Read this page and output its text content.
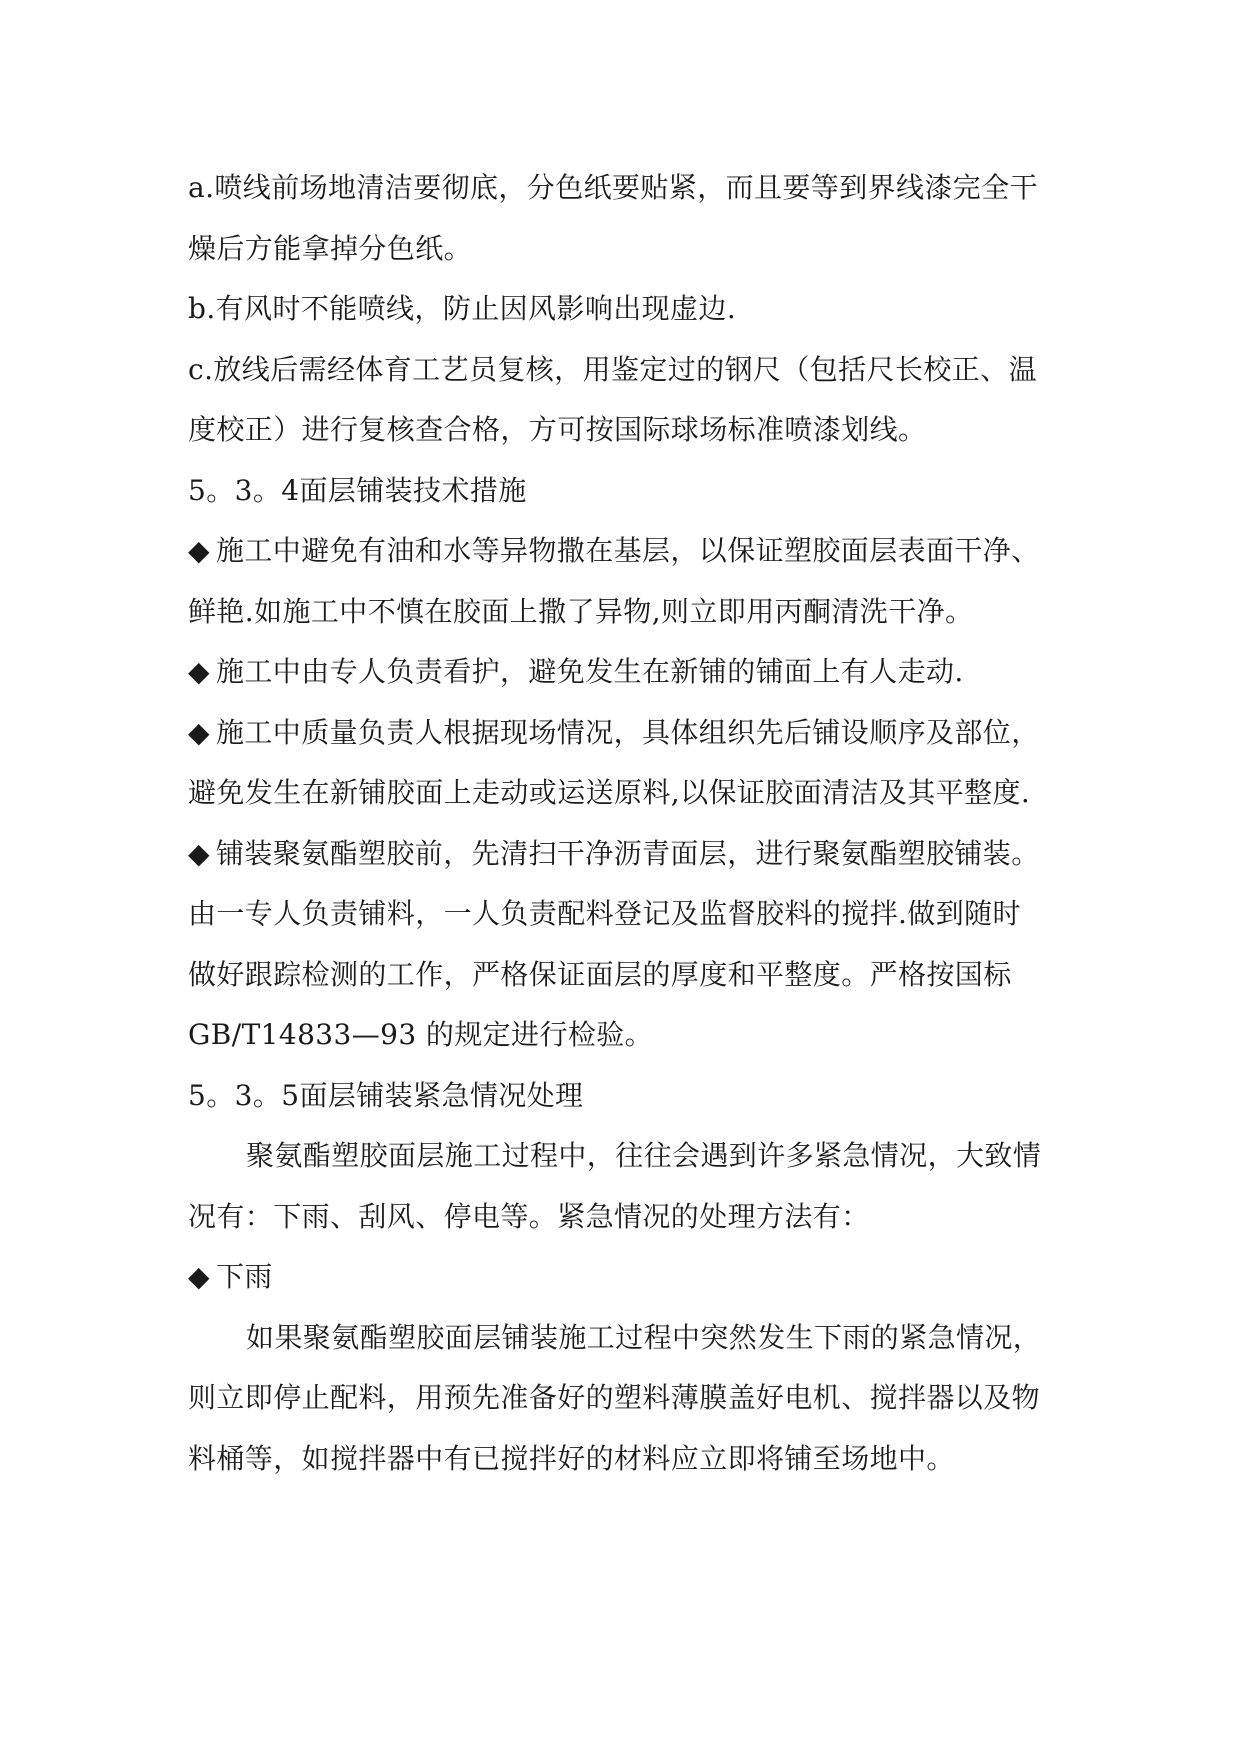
a.喷线前场地清洁要彻底，分色纸要贴紧，而且要等到界线漆完全干
燥后方能拿掉分色纸。
b.有风时不能喷线，防止因风影响出现虚边.
c.放线后需经体育工艺员复核，用鉴定过的钢尺（包括尺长校正、温
度校正）进行复核查合格，方可按国际球场标准喷漆划线。
5。3。4面层铺装技术措施
◆ 施工中避免有油和水等异物撒在基层，以保证塑胶面层表面干净、
鲜艳.如施工中不慎在胶面上撒了异物,则立即用丙酮清洗干净。
◆ 施工中由专人负责看护，避免发生在新铺的铺面上有人走动.
◆ 施工中质量负责人根据现场情况，具体组织先后铺设顺序及部位，
避免发生在新铺胶面上走动或运送原料,以保证胶面清洁及其平整度.
◆ 铺装聚氨酯塑胶前，先清扫干净沥青面层，进行聚氨酯塑胶铺装。
由一专人负责铺料，一人负责配料登记及监督胶料的搅拌.做到随时
做好跟踪检测的工作，严格保证面层的厚度和平整度。严格按国标
GB/T14833—93 的规定进行检验。
5。3。5面层铺装紧急情况处理
聚氨酯塑胶面层施工过程中，往往会遇到许多紧急情况，大致情
况有：下雨、刮风、停电等。紧急情况的处理方法有：
◆ 下雨
如果聚氨酯塑胶面层铺装施工过程中突然发生下雨的紧急情况，
则立即停止配料，用预先准备好的塑料薄膜盖好电机、搅拌器以及物
料桶等，如搅拌器中有已搅拌好的材料应立即将铺至场地中。
